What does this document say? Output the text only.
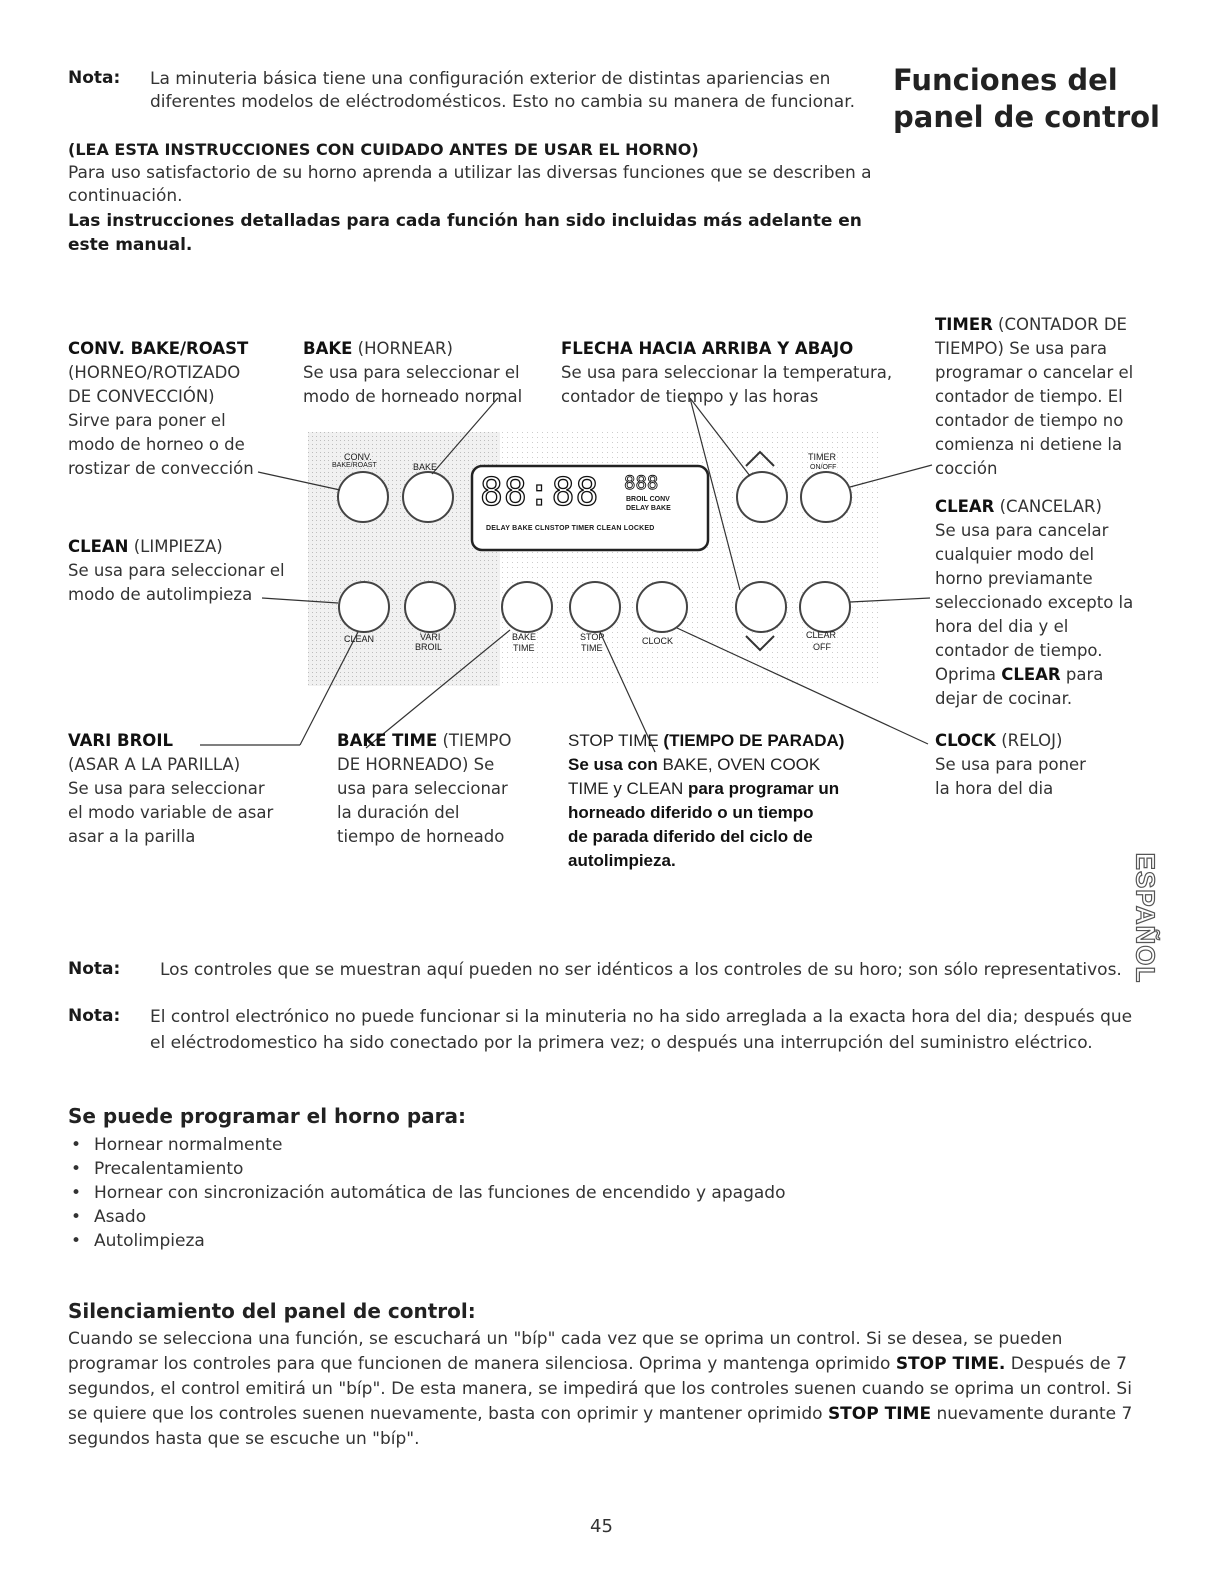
Nota: La minuteria básica tiene una configuración exterior de distintas apariencias en
diferentes modelos de eléctrodomésticos. Esto no cambia su manera de funcionar.
Funciones del
panel de control
(LEA ESTA INSTRUCCIONES CON CUIDADO ANTES DE USAR EL HORNO)
Para uso satisfactorio de su horno aprenda a utilizar las diversas funciones que se describen a
continuación.
Las instrucciones detalladas para cada función han sido incluidas más adelante en
este manual.
88:88 888
BROIL CONV
DELAY BAKE
DELAY BAKE CLNSTOP TIMER CLEAN LOCKED
CONV.
BAKE/ROAST	BAKE
TIMER
ON/OFF
CLEAN	VARI
BROIL
BAKE
TIME
STOP
TIME
CLOCK
CLEAR
OFF
CONV. BAKE/ROAST
(HORNEO/ROTIZADO
DE CONVECCIÓN)
Sirve para poner el
modo de horneo o de
rostizar de convección
BAKE (HORNEAR)
Se usa para seleccionar el
modo de horneado normal
FLECHA HACIA ARRIBA Y ABAJO
Se usa para seleccionar la temperatura,
contador de tiempo y las horas
TIMER (CONTADOR DE
TIEMPO) Se usa para
programar o cancelar el
contador de tiempo. El
contador de tiempo no
comienza ni detiene la
cocción
CLEAN (LIMPIEZA)
Se usa para seleccionar el
modo de autolimpieza
CLEAR (CANCELAR)
Se usa para cancelar
cualquier modo del
horno previamante
seleccionado excepto la
hora del dia y el
contador de tiempo.
Oprima CLEAR para
dejar de cocinar.
VARI BROIL
(ASAR A LA PARILLA)
Se usa para seleccionar
el modo variable de asar
asar a la parilla
BAKE TIME (TIEMPO
DE HORNEADO) Se
usa para seleccionar
la duración del
tiempo de horneado
STOP TIME (TIEMPO DE PARADA)
Se usa con BAKE, OVEN COOK
TIME y CLEAN para programar un
horneado diferido o un tiempo
de parada diferido del ciclo de
autolimpieza.
CLOCK (RELOJ)
Se usa para poner
la hora del dia
ESPAÑOL
Nota: Los controles que se muestran aquí pueden no ser idénticos a los controles de su horo; son sólo representativos.
Nota: El control electrónico no puede funcionar si la minuteria no ha sido arreglada a la exacta hora del dia; después que
el eléctrodomestico ha sido conectado por la primera vez; o después una interrupción del suministro eléctrico.
Se puede programar el horno para:
• Hornear normalmente
• Precalentamiento
• Hornear con sincronización automática de las funciones de encendido y apagado
• Asado
• Autolimpieza
Silenciamiento del panel de control:
Cuando se selecciona una función, se escuchará un "bíp" cada vez que se oprima un control. Si se desea, se pueden
programar los controles para que funcionen de manera silenciosa. Oprima y mantenga oprimido STOP TIME. Después de 7
segundos, el control emitirá un "bíp". De esta manera, se impedirá que los controles suenen cuando se oprima un control. Si
se quiere que los controles suenen nuevamente, basta con oprimir y mantener oprimido STOP TIME nuevamente durante 7
segundos hasta que se escuche un "bíp".
45
